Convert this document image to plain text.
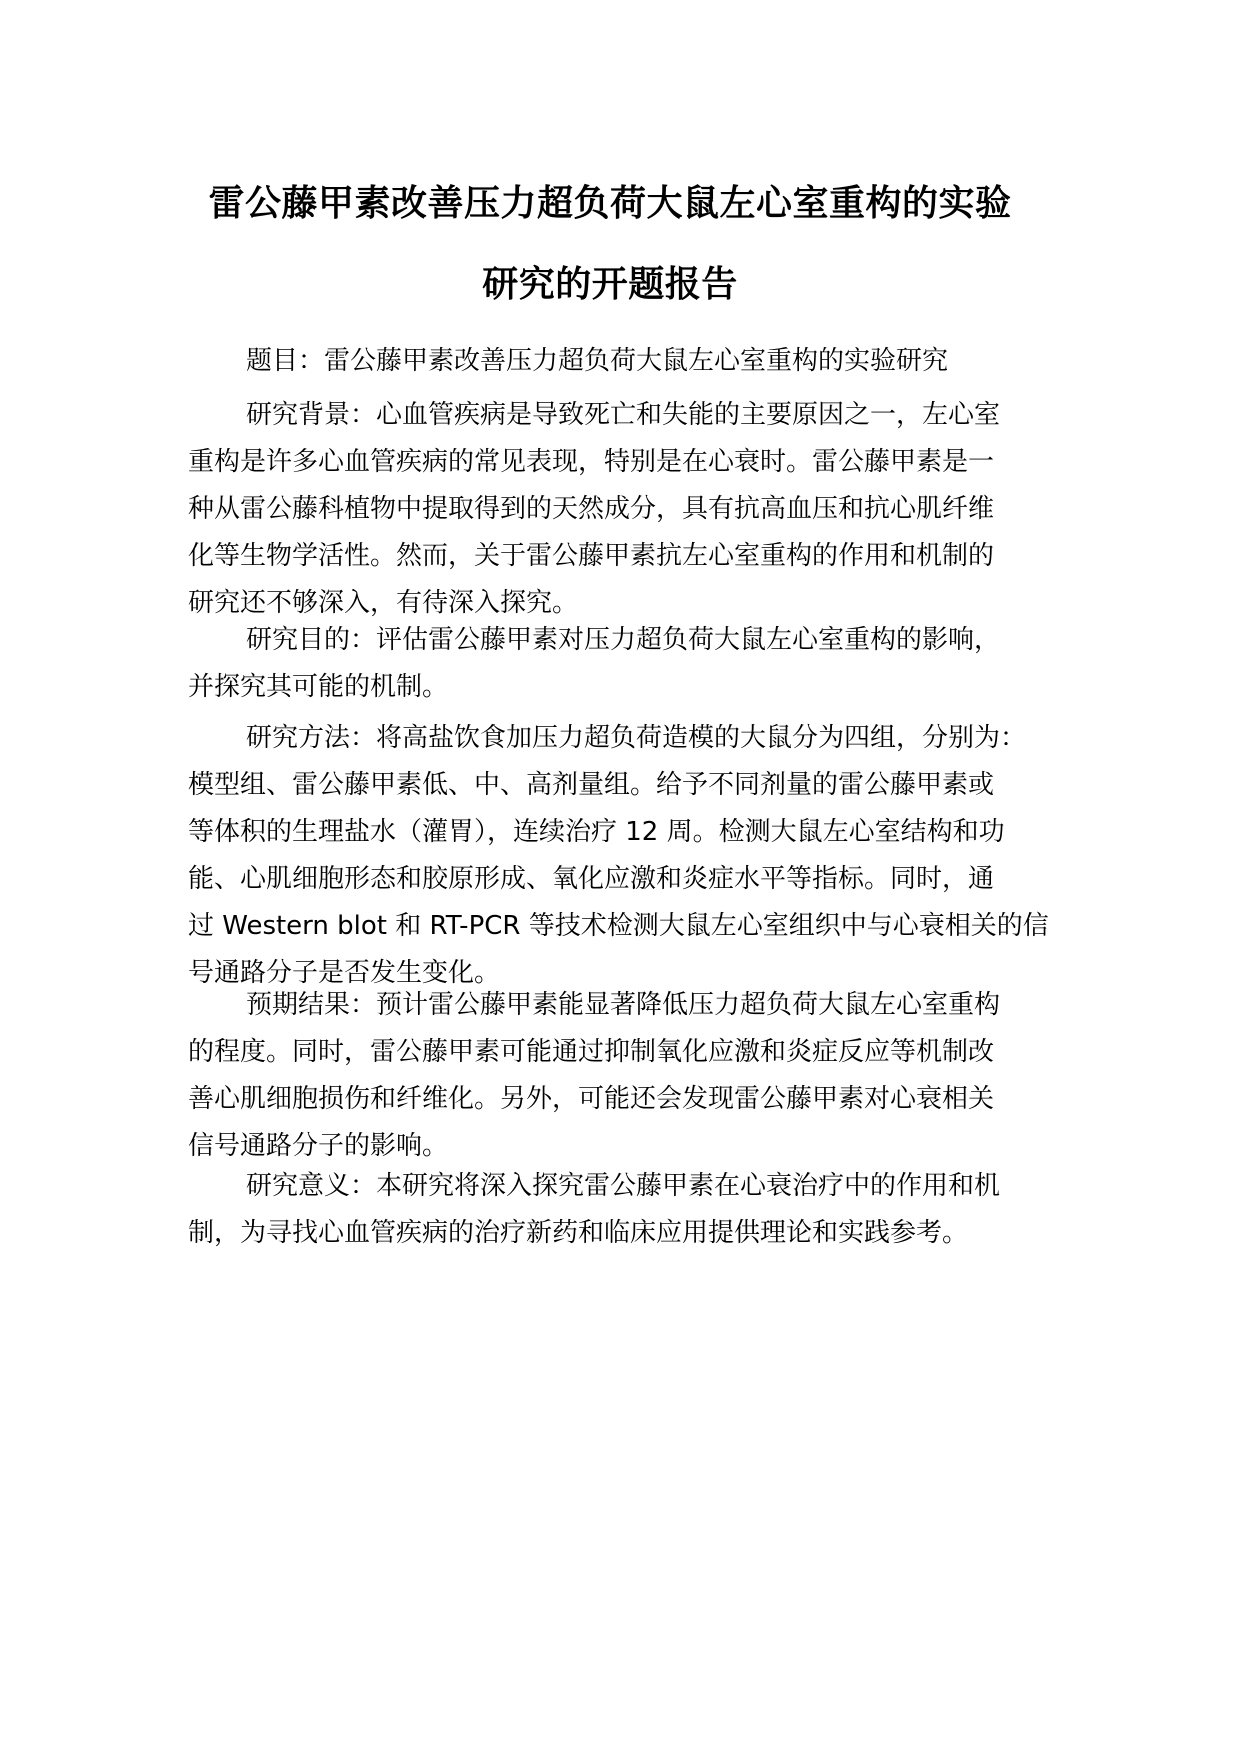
雷公藤甲素改善压力超负荷大鼠左心室重构的实验
研究的开题报告
题目：雷公藤甲素改善压力超负荷大鼠左心室重构的实验研究
研究背景：心血管疾病是导致死亡和失能的主要原因之一，左心室
重构是许多心血管疾病的常见表现，特别是在心衰时。雷公藤甲素是一
种从雷公藤科植物中提取得到的天然成分，具有抗高血压和抗心肌纤维
化等生物学活性。然而，关于雷公藤甲素抗左心室重构的作用和机制的
研究还不够深入，有待深入探究。
研究目的：评估雷公藤甲素对压力超负荷大鼠左心室重构的影响，
并探究其可能的机制。
研究方法：将高盐饮食加压力超负荷造模的大鼠分为四组，分别为：
模型组、雷公藤甲素低、中、高剂量组。给予不同剂量的雷公藤甲素或
等体积的生理盐水（灌胃），连续治疗 12 周。检测大鼠左心室结构和功
能、心肌细胞形态和胶原形成、氧化应激和炎症水平等指标。同时，通
过 Western blot 和 RT-PCR 等技术检测大鼠左心室组织中与心衰相关的信
号通路分子是否发生变化。
预期结果：预计雷公藤甲素能显著降低压力超负荷大鼠左心室重构
的程度。同时，雷公藤甲素可能通过抑制氧化应激和炎症反应等机制改
善心肌细胞损伤和纤维化。另外，可能还会发现雷公藤甲素对心衰相关
信号通路分子的影响。
研究意义：本研究将深入探究雷公藤甲素在心衰治疗中的作用和机
制，为寻找心血管疾病的治疗新药和临床应用提供理论和实践参考。
